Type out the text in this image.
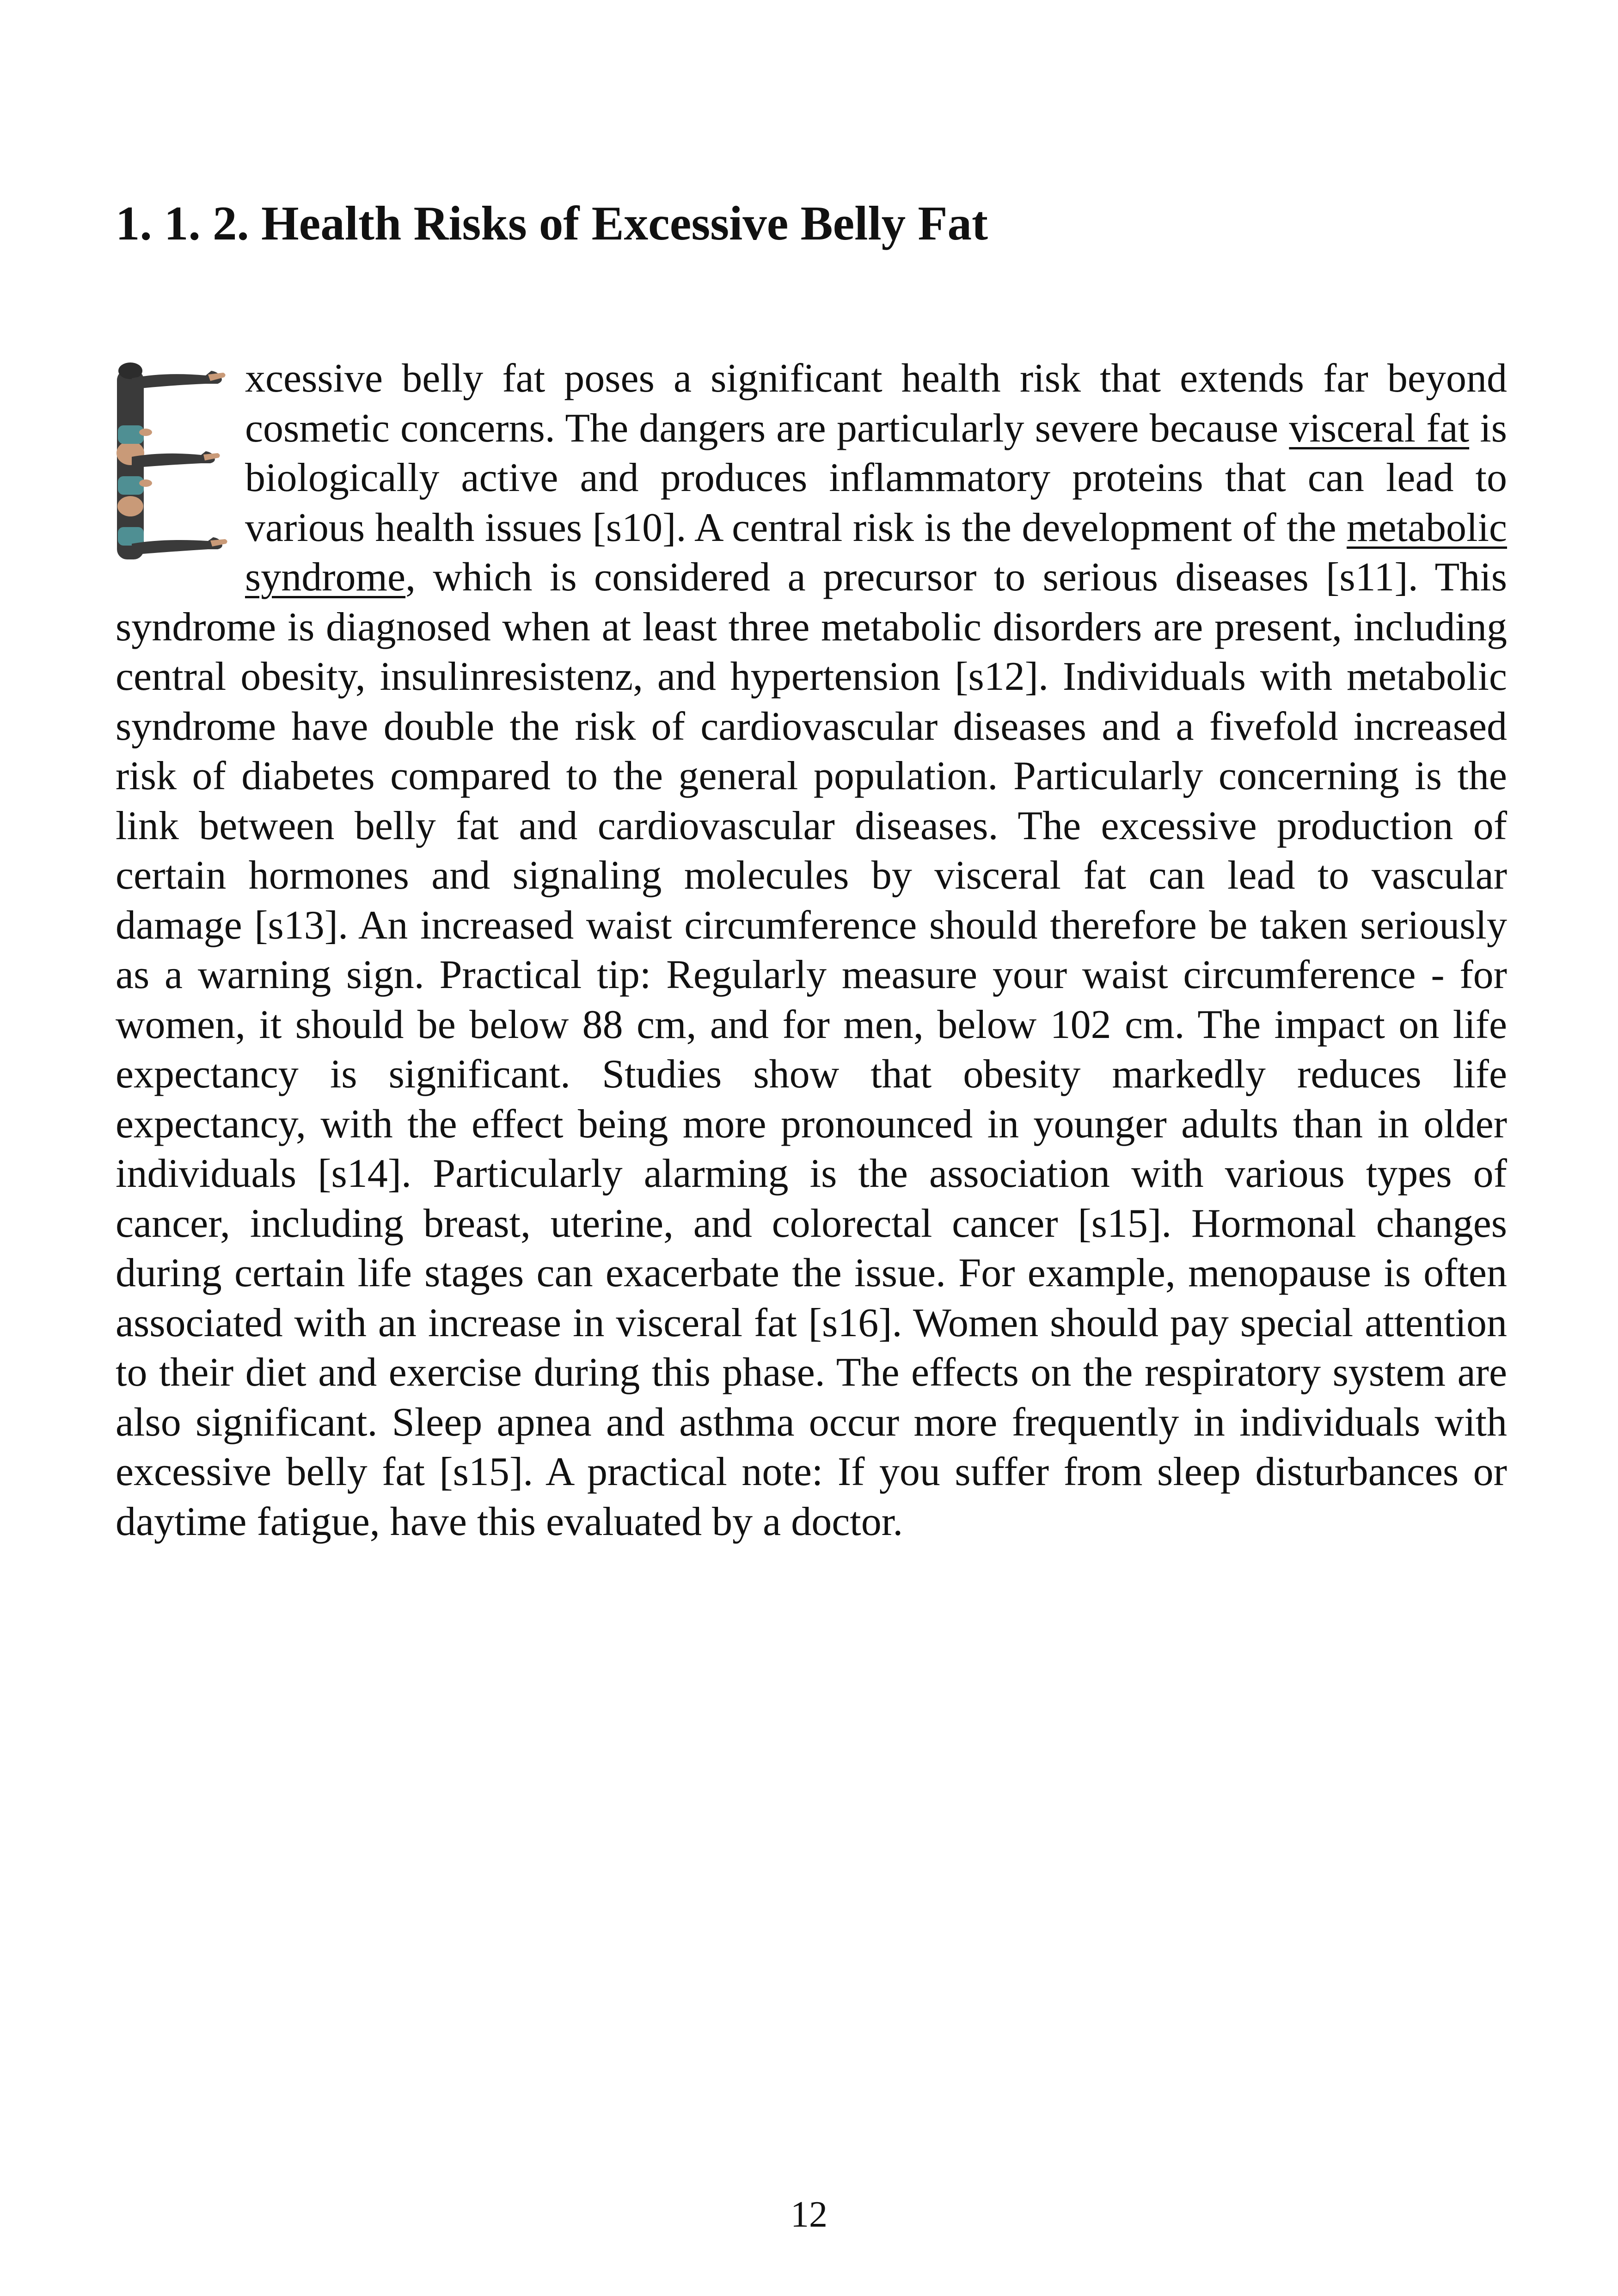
1. 1. 2. Health Risks of Excessive Belly Fat

xcessive belly fat poses a significant health risk that extends far beyond cosmetic concerns. The dangers are particularly severe because visceral fat is biologically active and produces inflammatory proteins that can lead to various health issues [s10]. A central risk is the development of the metabolic syndrome, which is considered a precursor to serious diseases [s11]. This syndrome is diagnosed when at least three metabolic disorders are present, including central obesity, insulinresistenz, and hypertension [s12]. Individuals with metabolic syndrome have double the risk of cardiovascular diseases and a fivefold increased risk of diabetes compared to the general population. Particularly concerning is the link between belly fat and cardiovascular diseases. The excessive production of certain hormones and signaling molecules by visceral fat can lead to vascular damage [s13]. An increased waist circumference should therefore be taken seriously as a warning sign. Practical tip: Regularly measure your waist circumference - for women, it should be below 88 cm, and for men, below 102 cm. The impact on life expectancy is significant. Studies show that obesity markedly reduces life expectancy, with the effect being more pronounced in younger adults than in older individuals [s14]. Particularly alarming is the association with various types of cancer, including breast, uterine, and colorectal cancer [s15]. Hormonal changes during certain life stages can exacerbate the issue. For example, menopause is often associated with an increase in visceral fat [s16]. Women should pay special attention to their diet and exercise during this phase. The effects on the respiratory system are also significant. Sleep apnea and asthma occur more frequently in individuals with excessive belly fat [s15]. A practical note: If you suffer from sleep disturbances or daytime fatigue, have this evaluated by a doctor.

12
